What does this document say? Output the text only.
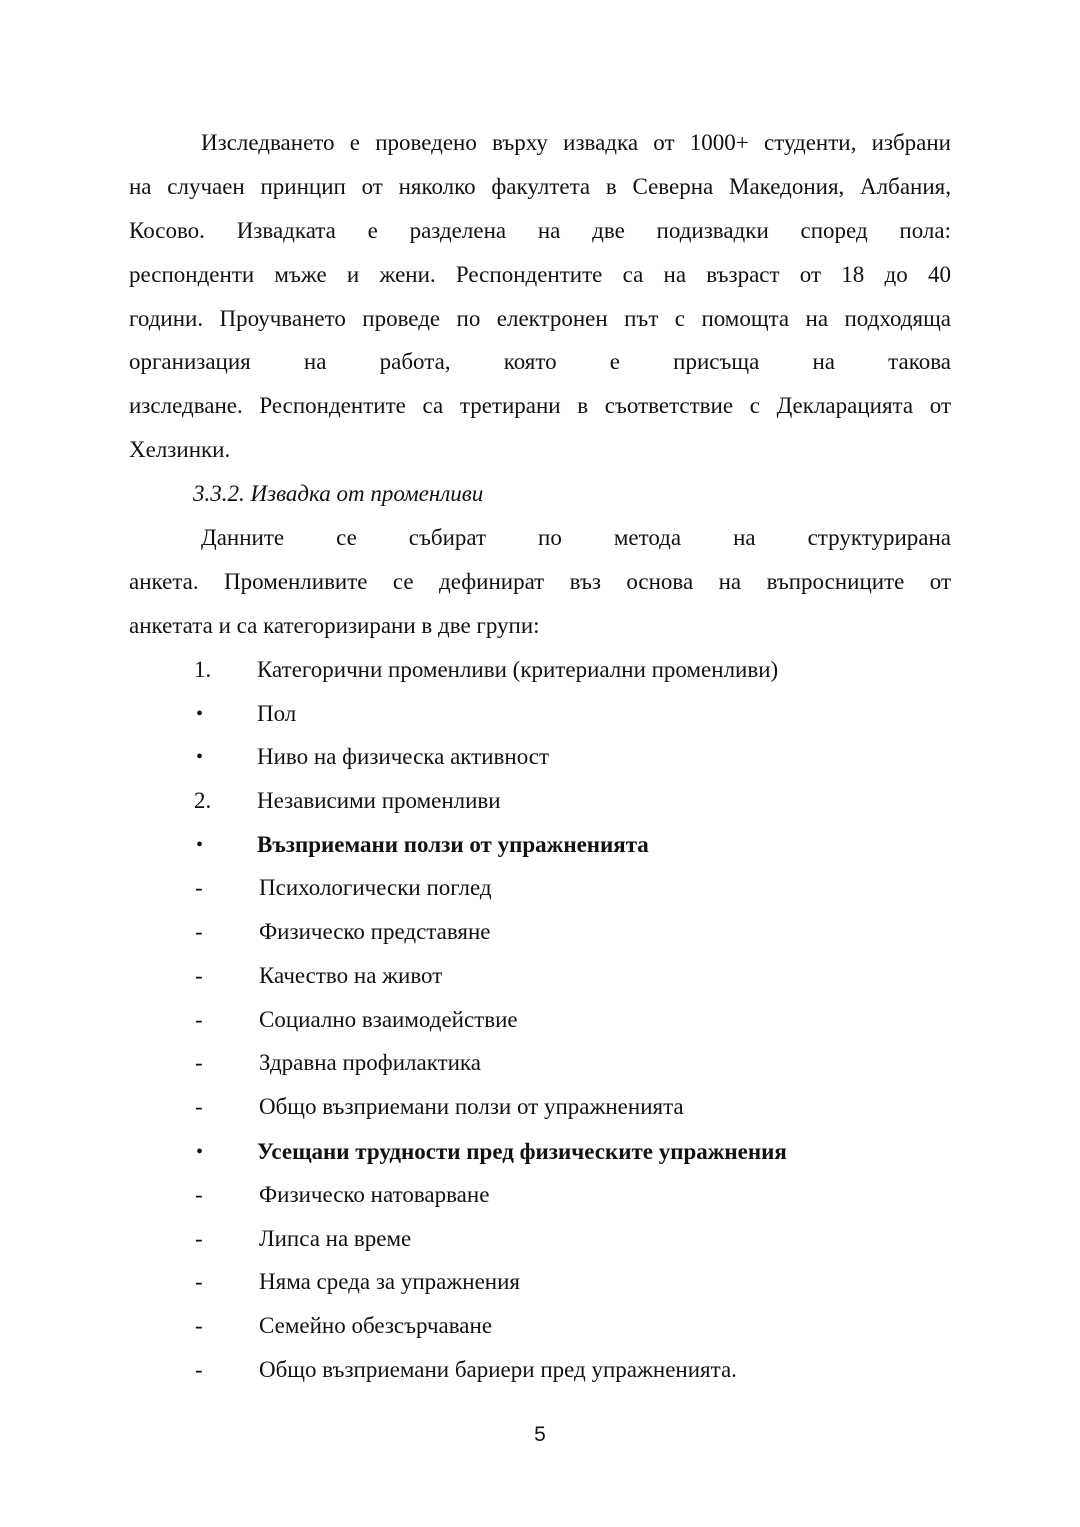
Изследването е проведено върху извадка от 1000+ студенти, избрани
на случаен принцип от няколко факултета в Северна Македония, Албания,
Косово. Извадката е разделена на две подизвадки според пола:
респонденти мъже и жени. Респондентите са на възраст от 18 до 40
години. Проучването проведе по електронен път с помощта на подходяща
организация на работа, която е присъща на такова
изследване. Респондентите са третирани в съответствие с Декларацията от
Хелзинки.
3.3.2. Извадка от променливи
Данните се събират по метода на структурирана
анкета. Променливите се дефинират въз основа на въпросниците от
анкетата и са категоризирани в две групи:
1. Категорични променливи (критериални променливи)
• Пол
• Ниво на физическа активност
2. Независими променливи
• Възприемани ползи от упражненията
- Психологически поглед
- Физическо представяне
- Качество на живот
- Социално взаимодействие
- Здравна профилактика
- Общо възприемани ползи от упражненията
• Усещани трудности пред физическите упражнения
- Физическо натоварване
- Липса на време
- Няма среда за упражнения
- Семейно обезсърчаване
- Общо възприемани бариери пред упражненията.
5
